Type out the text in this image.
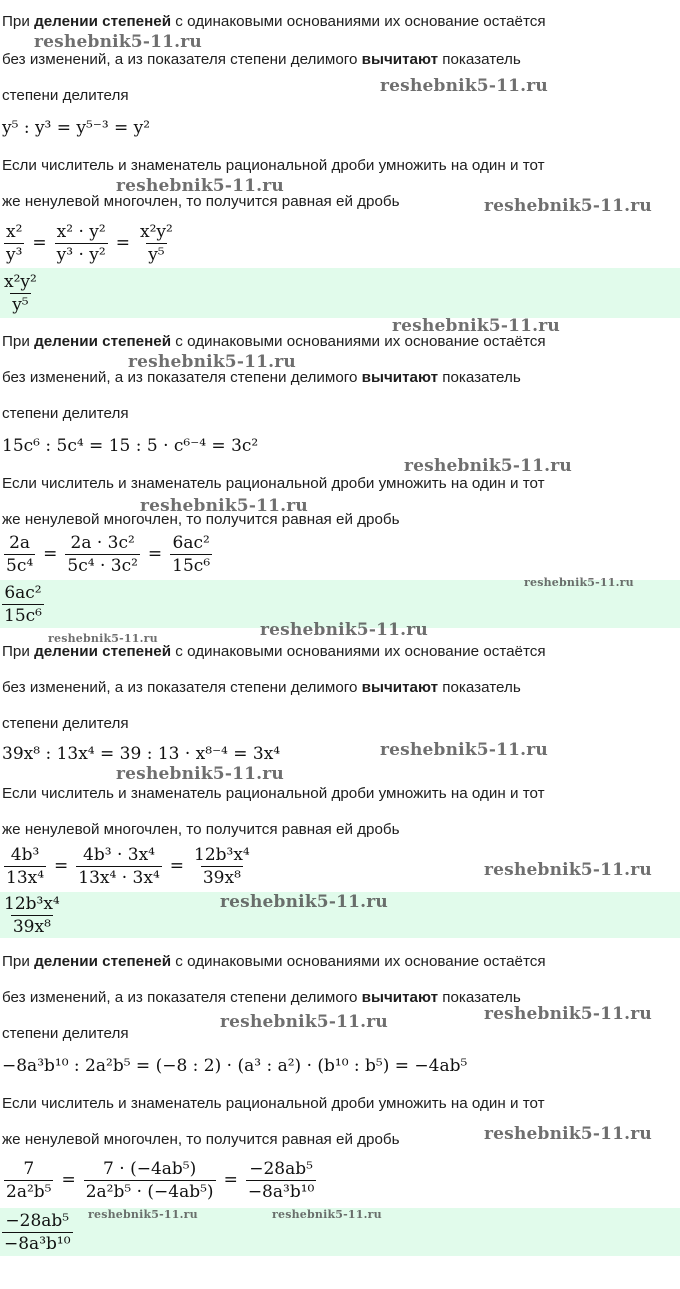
При делении степеней с одинаковыми основаниями их основание остаётся
без изменений, а из показателя степени делимого вычитают показатель
степени делителя
y⁵ : y³ = y⁵⁻³ = y²
Если числитель и знаменатель рациональной дроби умножить на один и тот
же ненулевой многочлен, то получится равная ей дробь
$\frac{\text{x²}}{\text{y³}} = \frac{\text{x² · y²}}{\text{y³ · y²}} = \frac{\text{x²y²}}{\text{y⁵}}$
$\frac{\text{x²y²}}{\text{y⁵}}$
При делении степеней с одинаковыми основаниями их основание остаётся
без изменений, а из показателя степени делимого вычитают показатель
степени делителя
15c⁶ : 5c⁴ = 15 : 5 · c⁶⁻⁴ = 3c²
Если числитель и знаменатель рациональной дроби умножить на один и тот
же ненулевой многочлен, то получится равная ей дробь
$\frac{2a}{\text{5c⁴}} = \frac{\text{2a · 3c²}}{\text{5c⁴ · 3c²}} = \frac{\text{6ac²}}{\text{15c⁶}}$
$\frac{\text{6ac²}}{\text{15c⁶}}$
При делении степеней с одинаковыми основаниями их основание остаётся
без изменений, а из показателя степени делимого вычитают показатель
степени делителя
39x⁸ : 13x⁴ = 39 : 13 · x⁸⁻⁴ = 3x⁴
Если числитель и знаменатель рациональной дроби умножить на один и тот
же ненулевой многочлен, то получится равная ей дробь
$\frac{\text{4b³}}{\text{13x⁴}} = \frac{\text{4b³ · 3x⁴}}{\text{13x⁴ · 3x⁴}} = \frac{\text{12b³x⁴}}{\text{39x⁸}}$
$\frac{\text{12b³x⁴}}{\text{39x⁸}}$
При делении степеней с одинаковыми основаниями их основание остаётся
без изменений, а из показателя степени делимого вычитают показатель
степени делителя
−8a³b¹⁰ : 2a²b⁵ = (−8 : 2) · (a³ : a²) · (b¹⁰ : b⁵) = −4ab⁵
Если числитель и знаменатель рациональной дроби умножить на один и тот
же ненулевой многочлен, то получится равная ей дробь
$\frac{7}{\text{2a²b⁵}} = \frac{\text{7 · (−4ab⁵)}}{\text{2a²b⁵ · (−4ab⁵)}} = \frac{\text{−28ab⁵}}{\text{−8a³b¹⁰}}$
$\frac{\text{−28ab⁵}}{\text{−8a³b¹⁰}}$
reshebnik5-11.ru
reshebnik5-11.ru
reshebnik5-11.ru
reshebnik5-11.ru
reshebnik5-11.ru
reshebnik5-11.ru
reshebnik5-11.ru
reshebnik5-11.ru
reshebnik5-11.ru
reshebnik5-11.ru	reshebnik5-11.ru
reshebnik5-11.ru
reshebnik5-11.ru
reshebnik5-11.ru
reshebnik5-11.ru
reshebnik5-11.ru	reshebnik5-11.ru
reshebnik5-11.ru
reshebnik5-11.ru	reshebnik5-11.ru
